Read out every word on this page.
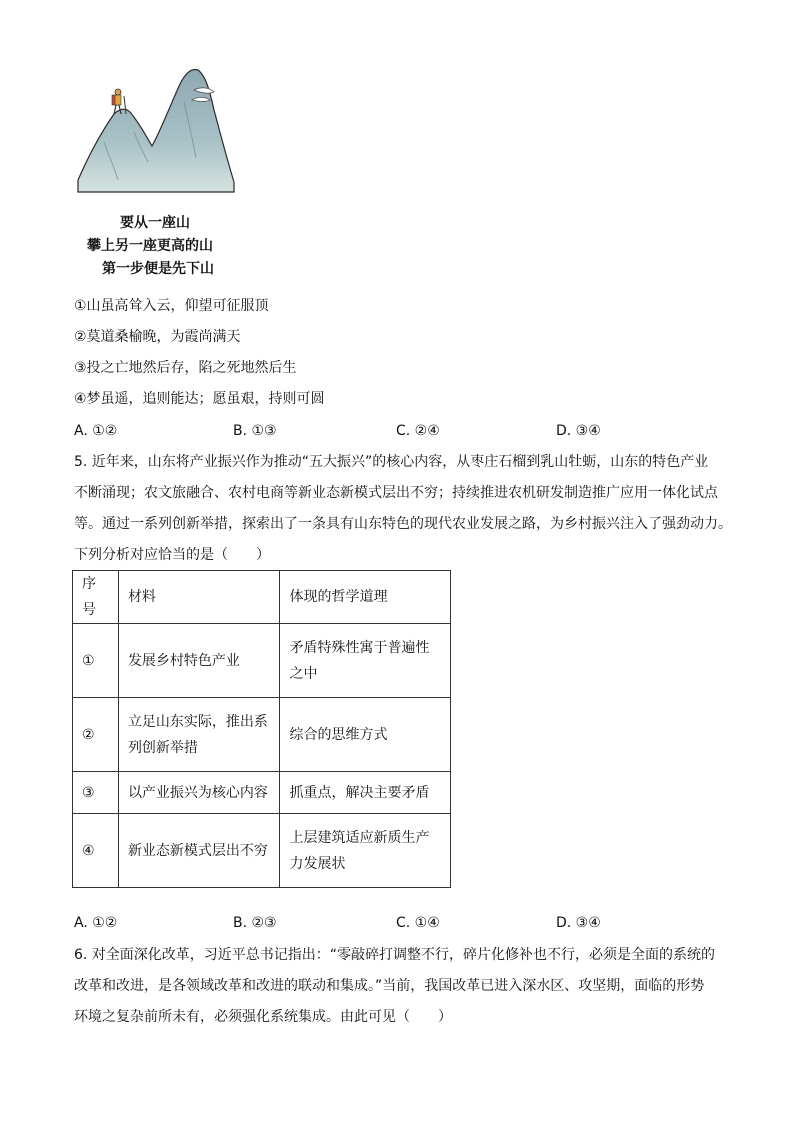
要从一座山
攀上另一座更高的山
第一步便是先下山
①山虽高耸入云，仰望可征服顶
②莫道桑榆晚，为霞尚满天
③投之亡地然后存，陷之死地然后生
④梦虽遥，追则能达；愿虽艰，持则可圆
A. ①②	B. ①③	C. ②④	D. ③④
5. 近年来，山东将产业振兴作为推动“五大振兴”的核心内容，从枣庄石榴到乳山牡蛎，山东的特色产业
不断涌现；农文旅融合、农村电商等新业态新模式层出不穷；持续推进农机研发制造推广应用一体化试点
等。通过一系列创新举措，探索出了一条具有山东特色的现代农业发展之路，为乡村振兴注入了强劲动力。
下列分析对应恰当的是（　　）
序号	材料	体现的哲学道理
①	发展乡村特色产业	矛盾特殊性寓于普遍性之中
②	立足山东实际，推出系列创新举措	综合的思维方式
③	以产业振兴为核心内容	抓重点，解决主要矛盾
④	新业态新模式层出不穷	上层建筑适应新质生产力发展状
A. ①②	B. ②③	C. ①④	D. ③④
6. 对全面深化改革，习近平总书记指出：“零敲碎打调整不行，碎片化修补也不行，必须是全面的系统的
改革和改进，是各领域改革和改进的联动和集成。”当前，我国改革已进入深水区、攻坚期，面临的形势
环境之复杂前所未有，必须强化系统集成。由此可见（　　）
